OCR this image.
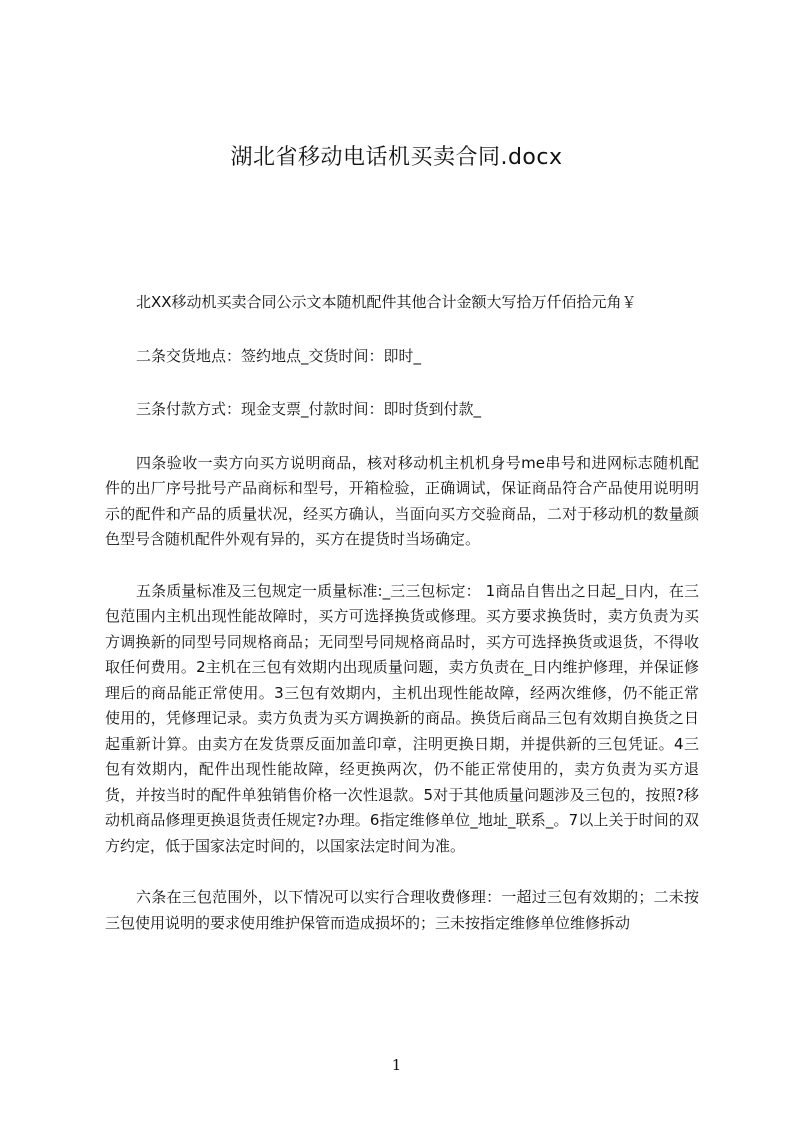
湖北省移动电话机买卖合同.docx

北XX移动机买卖合同公示文本随机配件其他合计金额大写拾万仟佰拾元角￥

二条交货地点：签约地点_交货时间：即时_

三条付款方式：现金支票_付款时间：即时货到付款_

四条验收一卖方向买方说明商品，核对移动机主机机身号me串号和进网标志随机配件的出厂序号批号产品商标和型号，开箱检验，正确调试，保证商品符合产品使用说明明示的配件和产品的质量状况，经买方确认，当面向买方交验商品，二对于移动机的数量颜色型号含随机配件外观有异的，买方在提货时当场确定。

五条质量标准及三包规定一质量标准:_三三包标定： 1商品自售出之日起_日内，在三包范围内主机出现性能故障时，买方可选择换货或修理。买方要求换货时，卖方负责为买方调换新的同型号同规格商品；无同型号同规格商品时，买方可选择换货或退货，不得收取任何费用。2主机在三包有效期内出现质量问题，卖方负责在_日内维护修理，并保证修理后的商品能正常使用。3三包有效期内，主机出现性能故障，经两次维修，仍不能正常使用的，凭修理记录。卖方负责为买方调换新的商品。换货后商品三包有效期自换货之日起重新计算。由卖方在发货票反面加盖印章，注明更换日期，并提供新的三包凭证。4三包有效期内，配件出现性能故障，经更换两次，仍不能正常使用的，卖方负责为买方退货，并按当时的配件单独销售价格一次性退款。5对于其他质量问题涉及三包的，按照?移动机商品修理更换退货责任规定?办理。6指定维修单位_地址_联系_。7以上关于时间的双方约定，低于国家法定时间的，以国家法定时间为准。

六条在三包范围外，以下情况可以实行合理收费修理：一超过三包有效期的；二未按三包使用说明的要求使用维护保管而造成损坏的；三未按指定维修单位维修拆动

1
